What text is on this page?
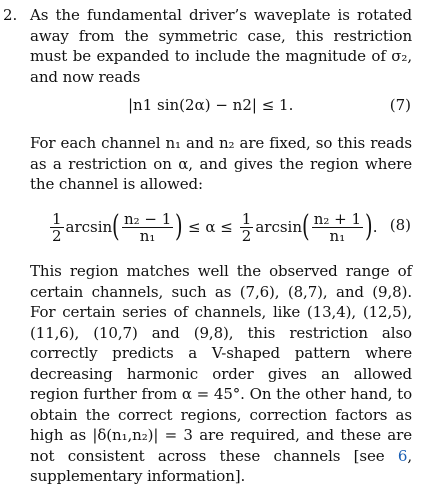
2. As the fundamental driver’s waveplate is rotated away from the symmetric case, this restriction must be expanded to include the magnitude of σ₂, and now reads
|n1 sin(2α) − n2| ≤ 1.	(7)
For each channel n₁ and n₂ are fixed, so this reads as a restriction on α, and gives the region where the channel is allowed:
$\frac{1}{2}$ arcsin ( $\frac{\text{n₂ − 1}}{\text{n₁}}$ ) ≤ $\alpha \le \frac{1}{2}$ arcsin ( $\frac{\text{n₂ + 1}}{\text{n₁}}$ ) . (8)
This region matches well the observed range of certain channels, such as (7,6), (8,7), and (9,8). For certain series of channels, like (13,4), (12,5), (11,6), (10,7) and (9,8), this restriction also correctly predicts a V-shaped pattern where decreasing harmonic order gives an allowed region further from α = 45°. On the other hand, to obtain the correct regions, correction factors as high as |δ(n₁,n₂)| = 3 are required, and these are not consistent across these channels [see 6, supplementary information].
